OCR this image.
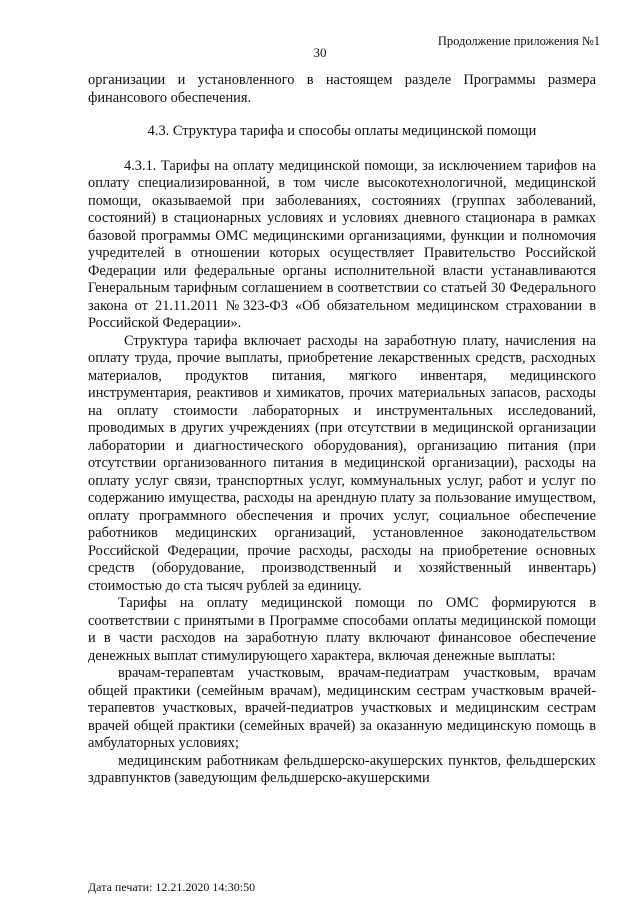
Продолжение приложения №1
30

организации и установленного в настоящем разделе Программы размера финансового обеспечения.

4.3. Структура тарифа и способы оплаты медицинской помощи

4.3.1. Тарифы на оплату медицинской помощи, за исключением тарифов на оплату специализированной, в том числе высокотехнологичной, медицинской помощи, оказываемой при заболеваниях, состояниях (группах заболеваний, состояний) в стационарных условиях и условиях дневного стационара в рамках базовой программы ОМС медицинскими организациями, функции и полномочия учредителей в отношении которых осуществляет Правительство Российской Федерации или федеральные органы исполнительной власти устанавливаются Генеральным тарифным соглашением в соответствии со статьей 30 Федерального закона от 21.11.2011 №323-ФЗ «Об обязательном медицинском страховании в Российской Федерации».

Структура тарифа включает расходы на заработную плату, начисления на оплату труда, прочие выплаты, приобретение лекарственных средств, расходных материалов, продуктов питания, мягкого инвентаря, медицинского инструментария, реактивов и химикатов, прочих материальных запасов, расходы на оплату стоимости лабораторных и инструментальных исследований, проводимых в других учреждениях (при отсутствии в медицинской организации лаборатории и диагностического оборудования), организацию питания (при отсутствии организованного питания в медицинской организации), расходы на оплату услуг связи, транспортных услуг, коммунальных услуг, работ и услуг по содержанию имущества, расходы на арендную плату за пользование имуществом, оплату программного обеспечения и прочих услуг, социальное обеспечение работников медицинских организаций, установленное законодательством Российской Федерации, прочие расходы, расходы на приобретение основных средств (оборудование, производственный и хозяйственный инвентарь) стоимостью до ста тысяч рублей за единицу.

Тарифы на оплату медицинской помощи по ОМС формируются в соответствии с принятыми в Программе способами оплаты медицинской помощи и в части расходов на заработную плату включают финансовое обеспечение денежных выплат стимулирующего характера, включая денежные выплаты:

врачам-терапевтам участковым, врачам-педиатрам участковым, врачам общей практики (семейным врачам), медицинским сестрам участковым врачей-терапевтов участковых, врачей-педиатров участковых и медицинским сестрам врачей общей практики (семейных врачей) за оказанную медицинскую помощь в амбулаторных условиях;

медицинским работникам фельдшерско-акушерских пунктов, фельдшерских здравпунктов (заведующим фельдшерско-акушерскими

Дата печати: 12.21.2020 14:30:50
